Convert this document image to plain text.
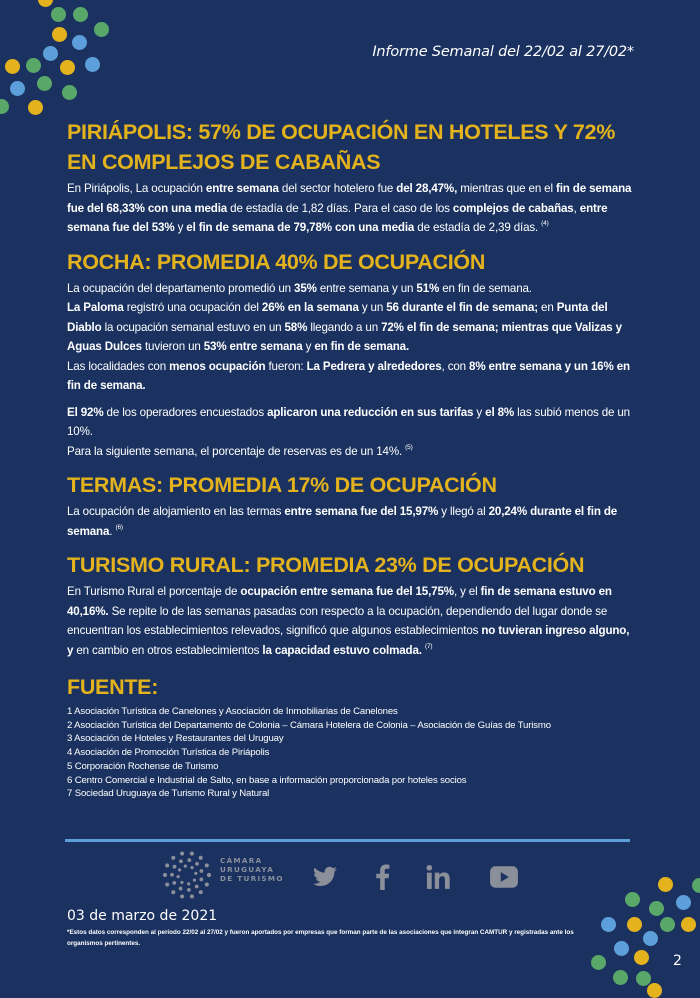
Informe Semanal del 22/02 al 27/02*
PIRIÁPOLIS: 57% DE OCUPACIÓN EN HOTELES Y 72% EN COMPLEJOS DE CABAÑAS

En Piriápolis, La ocupación entre semana del sector hotelero fue del 28,47%, mientras que en el fin de semana fue del 68,33% con una media de estadía de 1,82 días. Para el caso de los complejos de cabañas, entre semana fue del 53% y el fin de semana de 79,78% con una media de estadía de 2,39 días. $^{(4)}$

ROCHA: PROMEDIA 40% DE OCUPACIÓN

La ocupación del departamento promedió un 35% entre semana y un 51% en fin de semana.
La Paloma registró una ocupación del 26% en la semana y un 56 durante el fin de semana; en Punta del Diablo la ocupación semanal estuvo en un 58% llegando a un 72% el fin de semana; mientras que Valizas y Aguas Dulces tuvieron un 53% entre semana y en fin de semana.
Las localidades con menos ocupación fueron: La Pedrera y alrededores, con 8% entre semana y un 16% en fin de semana.

El 92% de los operadores encuestados aplicaron una reducción en sus tarifas y el 8% las subió menos de un 10%.
Para la siguiente semana, el porcentaje de reservas es de un 14%. $^{(5)}$

TERMAS: PROMEDIA 17% DE OCUPACIÓN

La ocupación de alojamiento en las termas entre semana fue del 15,97% y llegó al 20,24% durante el fin de semana. $^{(6)}$

TURISMO RURAL: PROMEDIA 23% DE OCUPACIÓN

En Turismo Rural el porcentaje de ocupación entre semana fue del 15,75%, y el fin de semana estuvo en 40,16%. Se repite lo de las semanas pasadas con respecto a la ocupación, dependiendo del lugar donde se encuentran los establecimientos relevados, significó que algunos establecimientos no tuvieran ingreso alguno, y en cambio en otros establecimientos la capacidad estuvo colmada. $^{(7)}$

FUENTE:
1 Asociación Turística de Canelones y Asociación de Inmobiliarias de Canelones
2 Asociación Turística del Departamento de Colonia – Cámara Hotelera de Colonia – Asociación de Guías de Turismo
3 Asociación de Hoteles y Restaurantes del Uruguay
4 Asociación de Promoción Turística de Piriápolis
5 Corporación Rochense de Turismo
6 Centro Comercial e Industrial de Salto, en base a información proporcionada por hoteles socios
7 Sociedad Uruguaya de Turismo Rural y Natural
CÁMARA
URUGUAYA
DE TURISMO
03 de marzo de 2021
*Estos datos corresponden al período 22/02 al 27/02 y fueron aportados por empresas que forman parte de las asociaciones que integran CAMTUR y registradas ante los organismos pertinentes.
2
